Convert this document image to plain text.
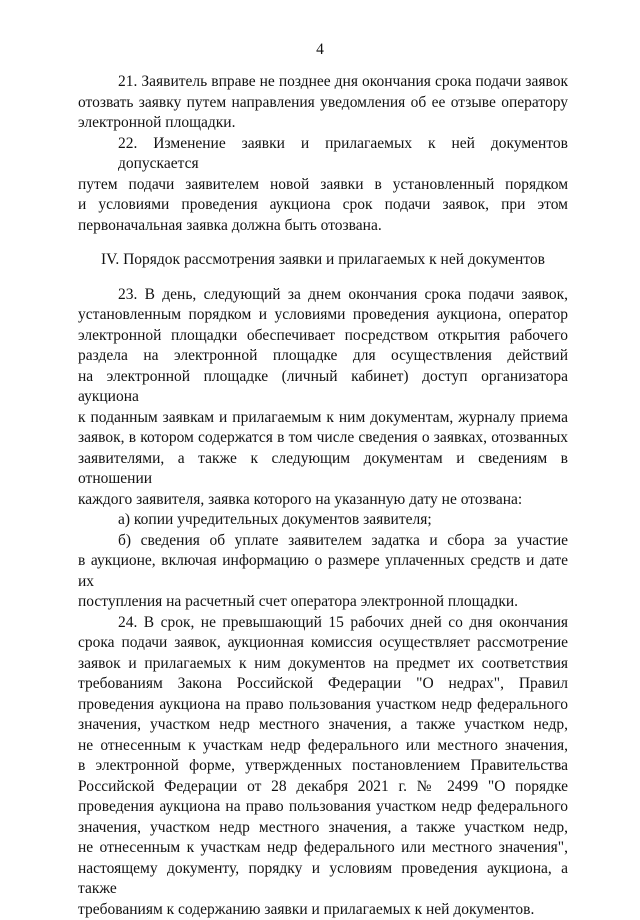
4
21. Заявитель вправе не позднее дня окончания срока подачи заявок
отозвать заявку путем направления уведомления об ее отзыве оператору
электронной площадки.
22. Изменение заявки и прилагаемых к ней документов допускается
путем подачи заявителем новой заявки в установленный порядком
и условиями проведения аукциона срок подачи заявок, при этом
первоначальная заявка должна быть отозвана.

IV. Порядок рассмотрения заявки и прилагаемых к ней документов

23. В день, следующий за днем окончания срока подачи заявок,
установленным порядком и условиями проведения аукциона, оператор
электронной площадки обеспечивает посредством открытия рабочего
раздела на электронной площадке для осуществления действий
на электронной площадке (личный кабинет) доступ организатора аукциона
к поданным заявкам и прилагаемым к ним документам, журналу приема
заявок, в котором содержатся в том числе сведения о заявках, отозванных
заявителями, а также к следующим документам и сведениям в отношении
каждого заявителя, заявка которого на указанную дату не отозвана:
а) копии учредительных документов заявителя;
б) сведения об уплате заявителем задатка и сбора за участие
в аукционе, включая информацию о размере уплаченных средств и дате их
поступления на расчетный счет оператора электронной площадки.
24. В срок, не превышающий 15 рабочих дней со дня окончания
срока подачи заявок, аукционная комиссия осуществляет рассмотрение
заявок и прилагаемых к ним документов на предмет их соответствия
требованиям Закона Российской Федерации "О недрах", Правил
проведения аукциона на право пользования участком недр федерального
значения, участком недр местного значения, а также участком недр,
не отнесенным к участкам недр федерального или местного значения,
в электронной форме, утвержденных постановлением Правительства
Российской Федерации от 28 декабря 2021 г. № 2499 "О порядке
проведения аукциона на право пользования участком недр федерального
значения, участком недр местного значения, а также участком недр,
не отнесенным к участкам недр федерального или местного значения",
настоящему документу, порядку и условиям проведения аукциона, а также
требованиям к содержанию заявки и прилагаемых к ней документов.
